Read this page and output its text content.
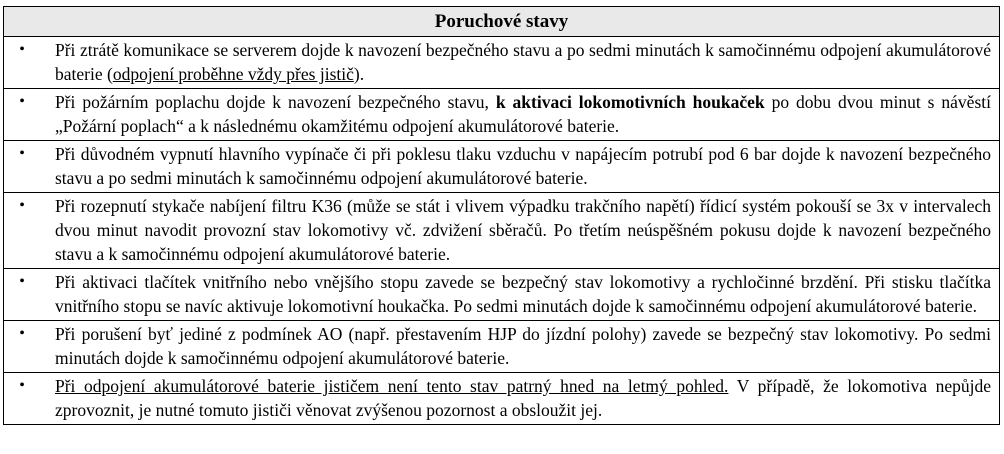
Poruchové stavy
•	Při ztrátě komunikace se serverem dojde k navození bezpečného stavu a po sedmi minutách k samočinnému odpojení akumulátorové baterie (odpojení proběhne vždy přes jistič).
•	Při požárním poplachu dojde k navození bezpečného stavu, k aktivaci lokomotivních houkaček po dobu dvou minut s návěstí „Požární poplach“ a k následnému okamžitému odpojení akumulátorové baterie.
•	Při důvodném vypnutí hlavního vypínače či při poklesu tlaku vzduchu v napájecím potrubí pod 6 bar dojde k navození bezpečného stavu a po sedmi minutách k samočinnému odpojení akumulátorové baterie.
•	Při rozepnutí stykače nabíjení filtru K36 (může se stát i vlivem výpadku trakčního napětí) řídicí systém pokouší se 3x v intervalech dvou minut navodit provozní stav lokomotivy vč. zdvižení sběračů. Po třetím neúspěšném pokusu dojde k navození bezpečného stavu a k samočinnému odpojení akumulátorové baterie.
•	Při aktivaci tlačítek vnitřního nebo vnějšího stopu zavede se bezpečný stav lokomotivy a rychločinné brzdění. Při stisku tlačítka vnitřního stopu se navíc aktivuje lokomotivní houkačka. Po sedmi minutách dojde k samočinnému odpojení akumulátorové baterie.
•	Při porušení byť jediné z podmínek AO (např. přestavením HJP do jízdní polohy) zavede se bezpečný stav lokomotivy. Po sedmi minutách dojde k samočinnému odpojení akumulátorové baterie.
•	Při odpojení akumulátorové baterie jističem není tento stav patrný hned na letmý pohled. V případě, že lokomotiva nepůjde zprovoznit, je nutné tomuto jističi věnovat zvýšenou pozornost a obsloužit jej.
